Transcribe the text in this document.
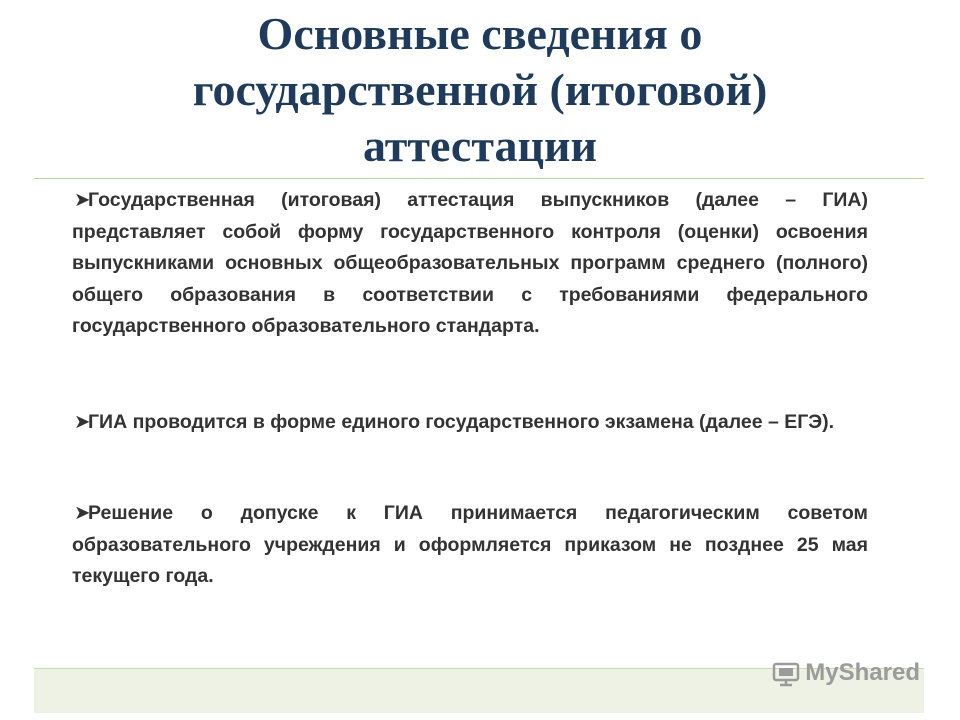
Основные сведения о государственной (итоговой) аттестации

➤Государственная (итоговая) аттестация выпускников (далее – ГИА) представляет собой форму государственного контроля (оценки) освоения выпускниками основных общеобразовательных программ среднего (полного) общего образования в соответствии с требованиями федерального государственного образовательного стандарта.

➤ГИА проводится в форме единого государственного экзамена (далее – ЕГЭ).

➤Решение о допуске к ГИА принимается педагогическим советом образовательного учреждения и оформляется приказом не позднее 25 мая текущего года.

MyShared
